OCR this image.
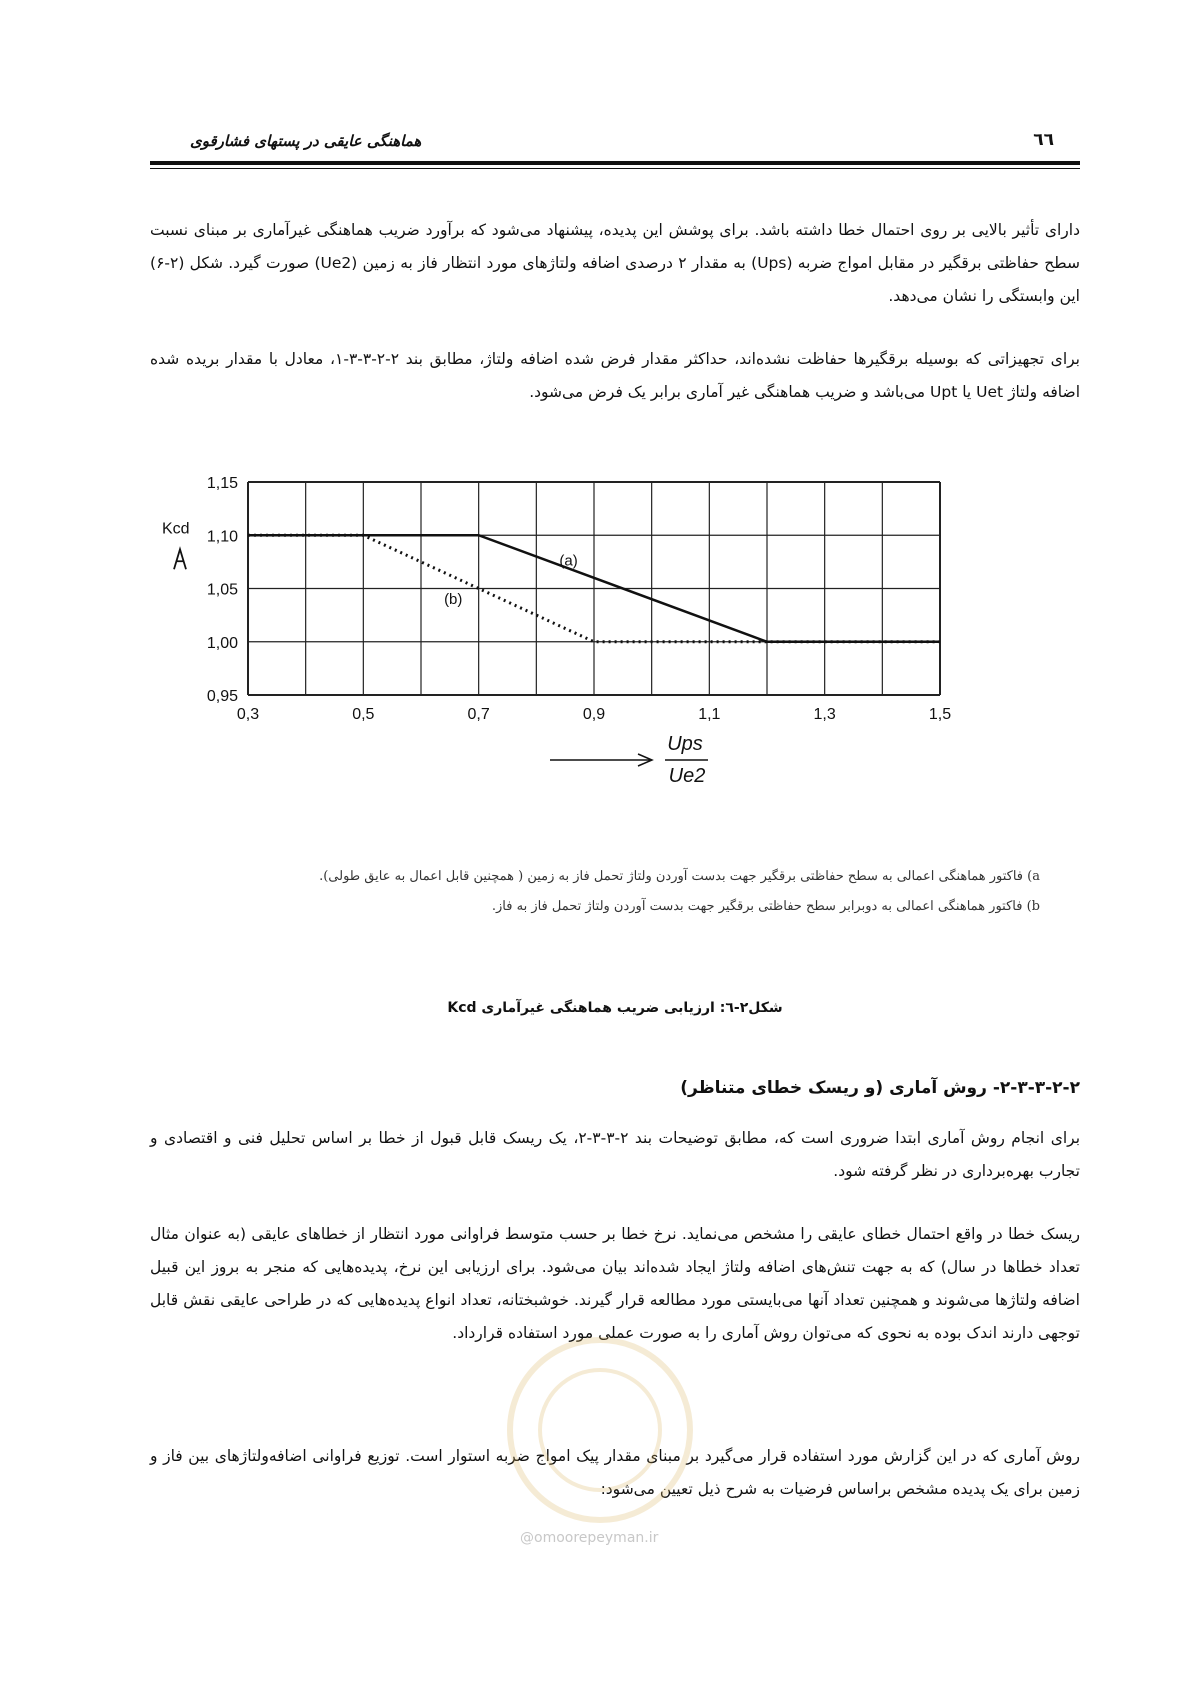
هماهنگی عایقی در پستهای فشارقوی	٦٦
دارای تأثیر بالایی بر روی احتمال خطا داشته باشد. برای پوشش این پدیده، پیشنهاد می‌شود که برآورد ضریب هماهنگی غیرآماری بر مبنای نسبت سطح حفاظتی برقگیر در مقابل امواج ضربه (Ups) به مقدار ۲ درصدی اضافه ولتاژهای مورد انتظار فاز به زمین (Ue2) صورت گیرد. شکل (۲-۶) این وابستگی را نشان می‌دهد.
برای تجهیزاتی که بوسیله برقگیرها حفاظت نشده‌اند، حداکثر مقدار فرض شده اضافه ولتاژ، مطابق بند ۲-۲-۳-۳-۱، معادل با مقدار بریده شده اضافه ولتاژ Uet یا Upt می‌باشد و ضریب هماهنگی غیر آماری برابر یک فرض می‌شود.
0,3	0,5	0,7	0,9	1,1	1,3	1,5
0,95
1,00
1,05
1,10
1,15
Kcd
(a)
(b)
Ups
Ue2
a) فاکتور هماهنگی اعمالی به سطح حفاظتی برقگیر جهت بدست آوردن ولتاژ تحمل فاز به زمین ( همچنین قابل اعمال به عایق طولی).
b) فاکتور هماهنگی اعمالی به دوبرابر سطح حفاظتی برقگیر جهت بدست آوردن ولتاژ تحمل فاز به فاز.
شکل۲-٦: ارزیابی ضریب هماهنگی غیرآماری Kcd
۲-۳-۳-۲-۲- روش آماری (و ریسک خطای متناظر)
برای انجام روش آماری ابتدا ضروری است که، مطابق توضیحات بند ۲-۳-۳-۲، یک ریسک قابل قبول از خطا بر اساس تحلیل فنی و اقتصادی و تجارب بهره‌برداری در نظر گرفته شود.
ریسک خطا در واقع احتمال خطای عایقی را مشخص می‌نماید. نرخ خطا بر حسب متوسط فراوانی مورد انتظار از خطاهای عایقی (به عنوان مثال تعداد خطاها در سال) که به جهت تنش‌های اضافه ولتاژ ایجاد شده‌اند بیان می‌شود. برای ارزیابی این نرخ، پدیده‌هایی که منجر به بروز این قبیل اضافه ولتاژها می‌شوند و همچنین تعداد آنها می‌بایستی مورد مطالعه قرار گیرند. خوشبختانه، تعداد انواع پدیده‌هایی که در طراحی عایقی نقش قابل توجهی دارند اندک بوده به نحوی که می‌توان روش آماری را به صورت عملی مورد استفاده قرارداد.
روش آماری که در این گزارش مورد استفاده قرار می‌گیرد بر مبنای مقدار پیک امواج ضربه استوار است. توزیع فراوانی اضافه‌ولتاژهای بین فاز و زمین برای یک پدیده مشخص براساس فرضیات به شرح ذیل تعیین می‌شود:
@omoorepeyman.ir
